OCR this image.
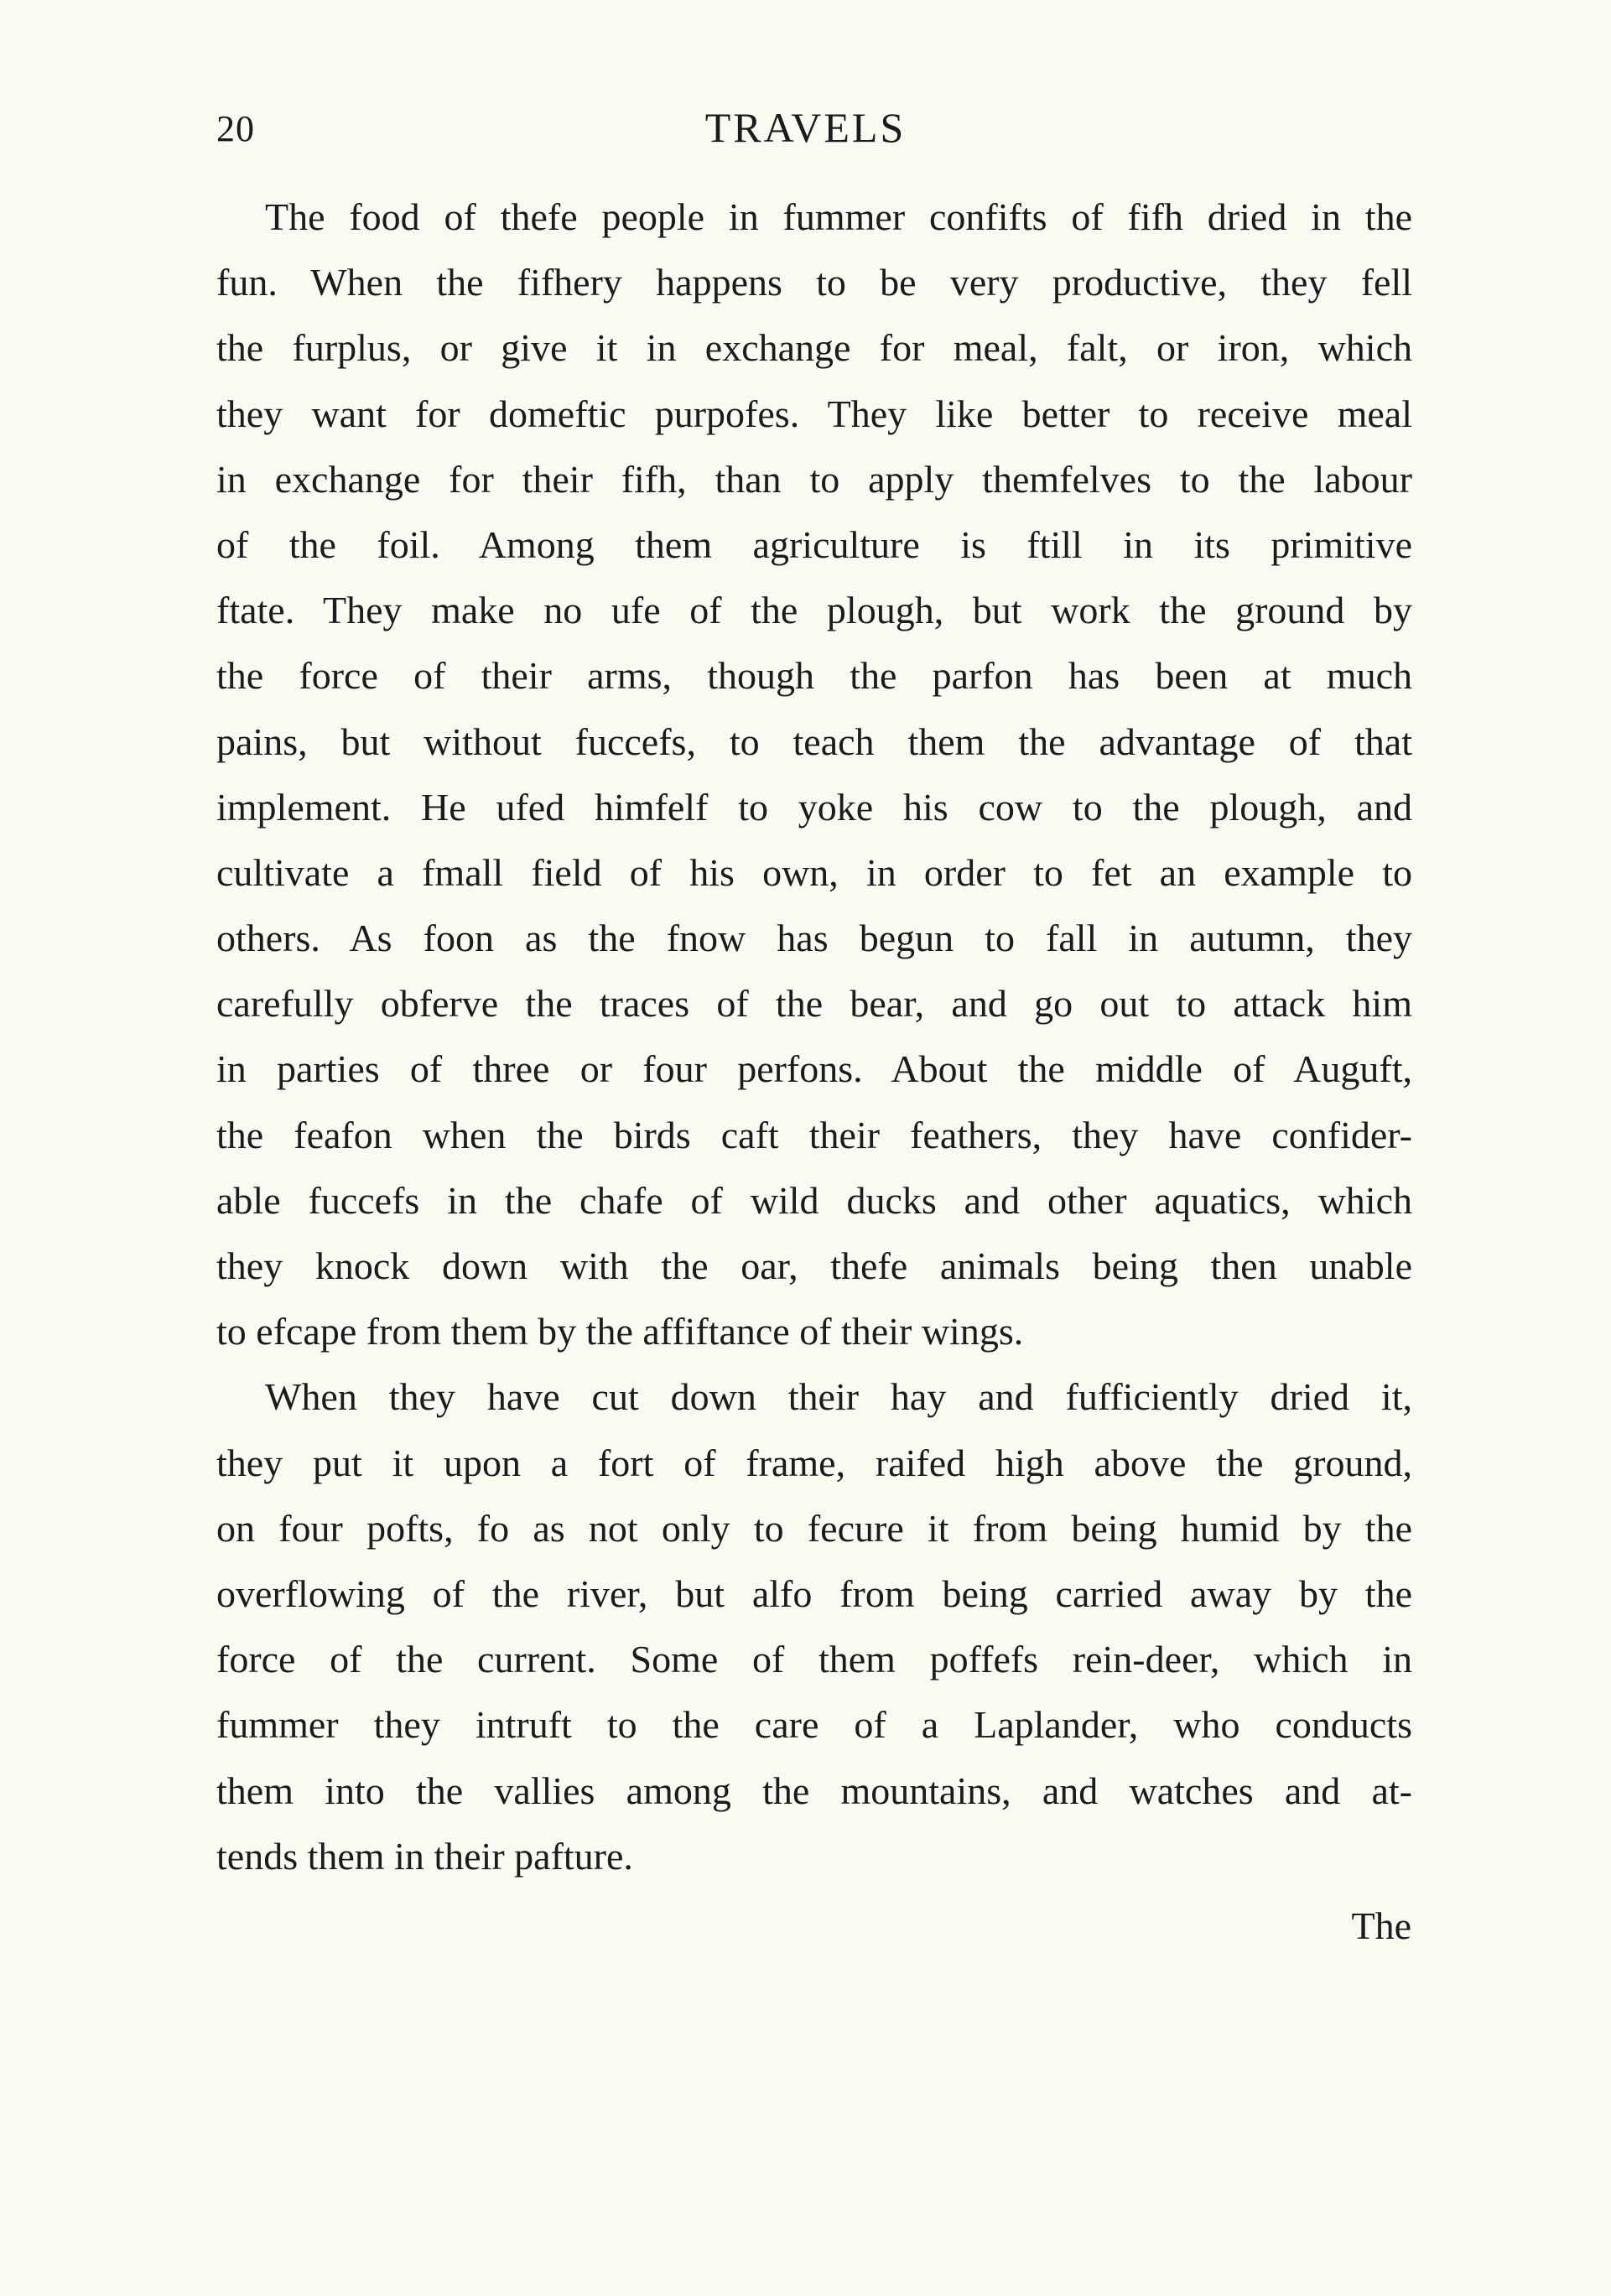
20	TRAVELS
The food of thefe people in fummer confifts of fifh dried in the
fun. When the fifhery happens to be very productive, they fell
the furplus, or give it in exchange for meal, falt, or iron, which
they want for domeftic purpofes. They like better to receive meal
in exchange for their fifh, than to apply themfelves to the labour
of the foil. Among them agriculture is ftill in its primitive
ftate. They make no ufe of the plough, but work the ground by
the force of their arms, though the parfon has been at much
pains, but without fuccefs, to teach them the advantage of that
implement. He ufed himfelf to yoke his cow to the plough, and
cultivate a fmall field of his own, in order to fet an example to
others. As foon as the fnow has begun to fall in autumn, they
carefully obferve the traces of the bear, and go out to attack him
in parties of three or four perfons. About the middle of Auguft,
the feafon when the birds caft their feathers, they have confider-
able fuccefs in the chafe of wild ducks and other aquatics, which
they knock down with the oar, thefe animals being then unable
to efcape from them by the affiftance of their wings.
When they have cut down their hay and fufficiently dried it,
they put it upon a fort of frame, raifed high above the ground,
on four pofts, fo as not only to fecure it from being humid by the
overflowing of the river, but alfo from being carried away by the
force of the current. Some of them poffefs rein-deer, which in
fummer they intruft to the care of a Laplander, who conducts
them into the vallies among the mountains, and watches and at-
tends them in their pafture.
The
